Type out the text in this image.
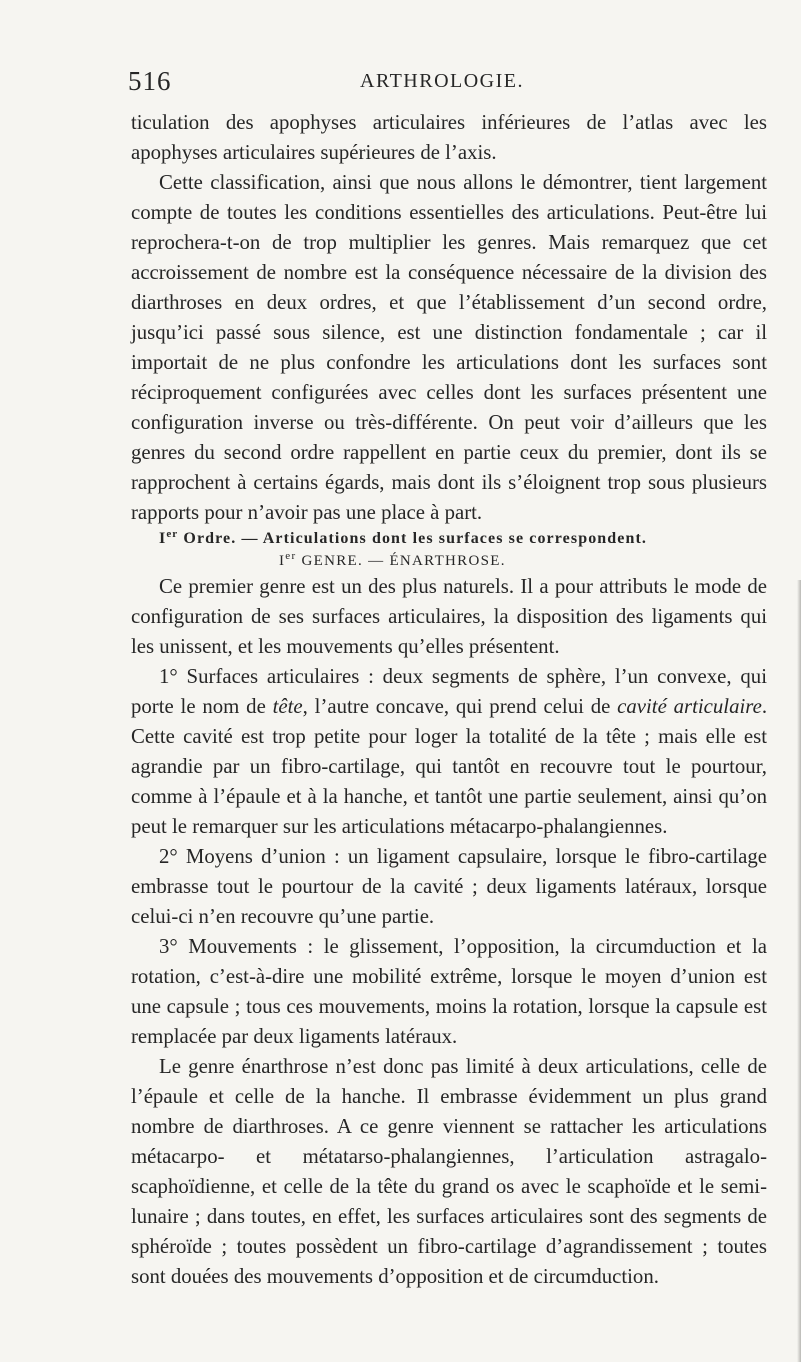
516	ARTHROLOGIE.

ticulation des apophyses articulaires inférieures de l’atlas avec les apophyses articulaires supérieures de l’axis.

Cette classification, ainsi que nous allons le démontrer, tient largement compte de toutes les conditions essentielles des articulations. Peut-être lui reprochera-t-on de trop multiplier les genres. Mais remarquez que cet accroissement de nombre est la conséquence nécessaire de la division des diarthroses en deux ordres, et que l’établissement d’un second ordre, jusqu’ici passé sous silence, est une distinction fondamentale ; car il importait de ne plus confondre les articulations dont les surfaces sont réciproquement configurées avec celles dont les surfaces présentent une configuration inverse ou très-différente. On peut voir d’ailleurs que les genres du second ordre rappellent en partie ceux du premier, dont ils se rapprochent à certains égards, mais dont ils s’éloignent trop sous plusieurs rapports pour n’avoir pas une place à part.

Ier Ordre. — Articulations dont les surfaces se correspondent.

Ier GENRE. — ÉNARTHROSE.

Ce premier genre est un des plus naturels. Il a pour attributs le mode de configuration de ses surfaces articulaires, la disposition des ligaments qui les unissent, et les mouvements qu’elles présentent.

1° Surfaces articulaires : deux segments de sphère, l’un convexe, qui porte le nom de tête, l’autre concave, qui prend celui de cavité articulaire. Cette cavité est trop petite pour loger la totalité de la tête ; mais elle est agrandie par un fibro-cartilage, qui tantôt en recouvre tout le pourtour, comme à l’épaule et à la hanche, et tantôt une partie seulement, ainsi qu’on peut le remarquer sur les articulations métacarpo-phalangiennes.

2° Moyens d’union : un ligament capsulaire, lorsque le fibro-cartilage embrasse tout le pourtour de la cavité ; deux ligaments latéraux, lorsque celui-ci n’en recouvre qu’une partie.

3° Mouvements : le glissement, l’opposition, la circumduction et la rotation, c’est-à-dire une mobilité extrême, lorsque le moyen d’union est une capsule ; tous ces mouvements, moins la rotation, lorsque la capsule est remplacée par deux ligaments latéraux.

Le genre énarthrose n’est donc pas limité à deux articulations, celle de l’épaule et celle de la hanche. Il embrasse évidemment un plus grand nombre de diarthroses. A ce genre viennent se rattacher les articulations métacarpo- et métatarso-phalangiennes, l’articulation astragalo-scaphoïdienne, et celle de la tête du grand os avec le scaphoïde et le semi-lunaire ; dans toutes, en effet, les surfaces articulaires sont des segments de sphéroïde ; toutes possèdent un fibro-cartilage d’agrandissement ; toutes sont douées des mouvements d’opposition et de circumduction.
